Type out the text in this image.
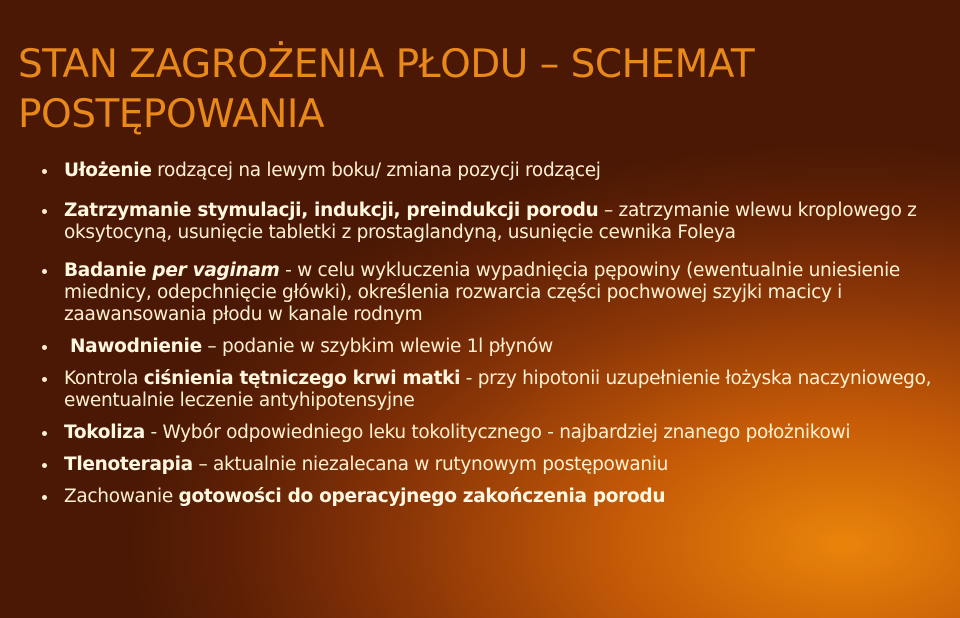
STAN ZAGROŻENIA PŁODU – SCHEMAT POSTĘPOWANIA
Ułożenie rodzącej na lewym boku/ zmiana pozycji rodzącej
Zatrzymanie stymulacji, indukcji, preindukcji porodu – zatrzymanie wlewu kroplowego z oksytocyną, usunięcie tabletki z prostaglandyną, usunięcie cewnika Foleya
Badanie per vaginam - w celu wykluczenia wypadnięcia pępowiny (ewentualnie uniesienie miednicy, odepchnięcie główki), określenia rozwarcia części pochwowej szyjki macicy i zaawansowania płodu w kanale rodnym
Nawodnienie – podanie w szybkim wlewie 1l płynów
Kontrola ciśnienia tętniczego krwi matki - przy hipotonii uzupełnienie łożyska naczyniowego, ewentualnie leczenie antyhipotensyjne
Tokoliza - Wybór odpowiedniego leku tokolitycznego - najbardziej znanego położnikowi
Tlenoterapia – aktualnie niezalecana w rutynowym postępowaniu
Zachowanie gotowości do operacyjnego zakończenia porodu
